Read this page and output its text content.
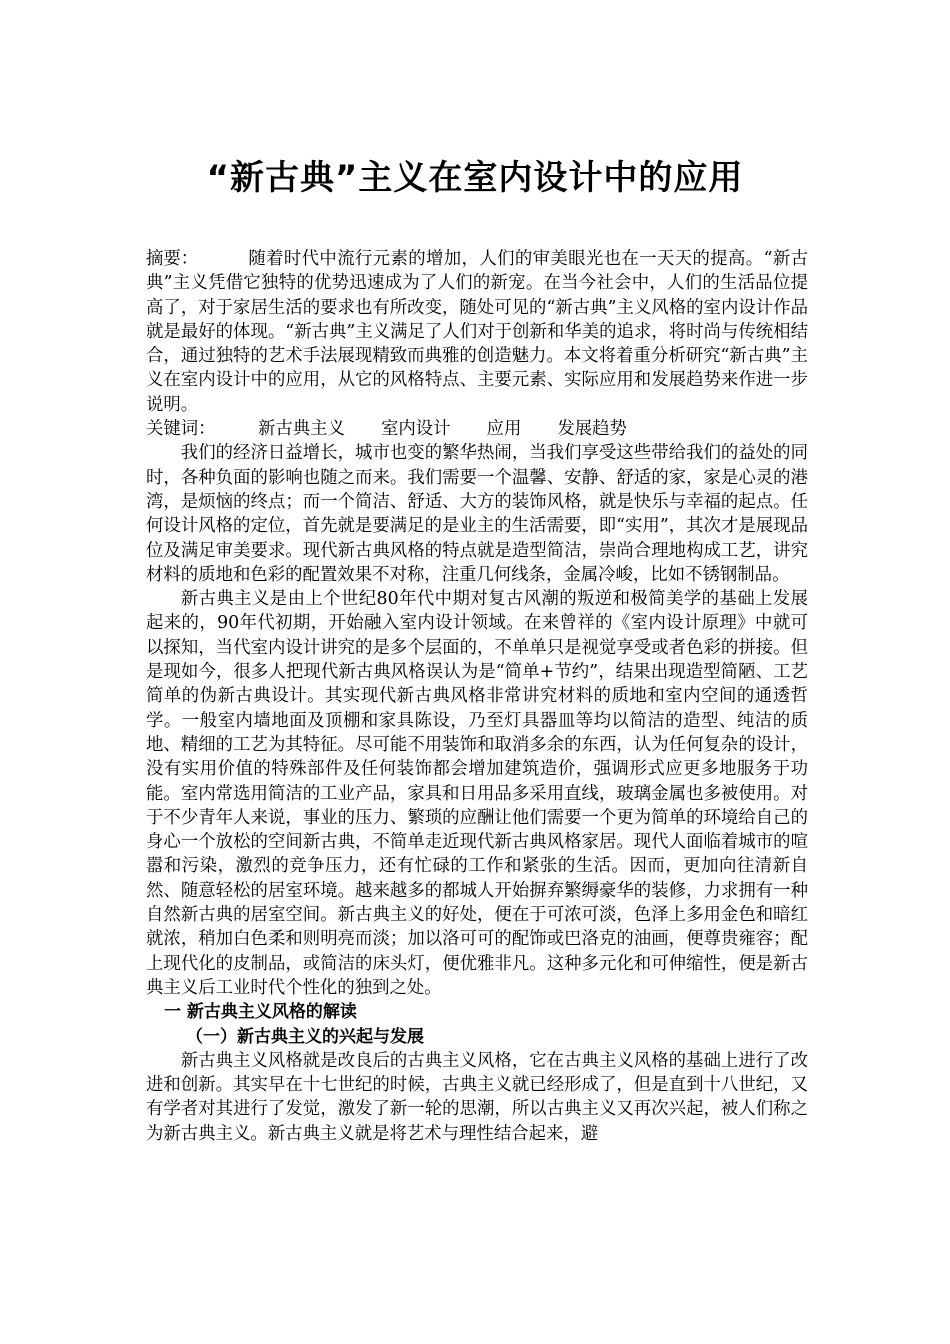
“新古典”主义在室内设计中的应用

摘要：	随着时代中流行元素的增加，人们的审美眼光也在一天天的提高。“新古典”主义凭借它独特的优势迅速成为了人们的新宠。在当今社会中，人们的生活品位提高了，对于家居生活的要求也有所改变，随处可见的“新古典”主义风格的室内设计作品就是最好的体现。“新古典”主义满足了人们对于创新和华美的追求，将时尚与传统相结合，通过独特的艺术手法展现精致而典雅的创造魅力。本文将着重分析研究“新古典”主义在室内设计中的应用，从它的风格特点、主要元素、实际应用和发展趋势来作进一步说明。

关键词： 新古典主义 室内设计 应用 发展趋势

我们的经济日益增长，城市也变的繁华热闹，当我们享受这些带给我们的益处的同时，各种负面的影响也随之而来。我们需要一个温馨、安静、舒适的家，家是心灵的港湾，是烦恼的终点；而一个简洁、舒适、大方的装饰风格，就是快乐与幸福的起点。任何设计风格的定位，首先就是要满足的是业主的生活需要，即“实用”，其次才是展现品位及满足审美要求。现代新古典风格的特点就是造型简洁，崇尚合理地构成工艺，讲究材料的质地和色彩的配置效果不对称，注重几何线条，金属冷峻，比如不锈钢制品。

新古典主义是由上个世纪80年代中期对复古风潮的叛逆和极简美学的基础上发展起来的，90年代初期，开始融入室内设计领域。在来曾祥的《室内设计原理》中就可以探知，当代室内设计讲究的是多个层面的，不单单只是视觉享受或者色彩的拼接。但是现如今，很多人把现代新古典风格误认为是“简单+节约”，结果出现造型简陋、工艺简单的伪新古典设计。其实现代新古典风格非常讲究材料的质地和室内空间的通透哲学。一般室内墙地面及顶棚和家具陈设，乃至灯具器皿等均以简洁的造型、纯洁的质地、精细的工艺为其特征。尽可能不用装饰和取消多余的东西，认为任何复杂的设计，没有实用价值的特殊部件及任何装饰都会增加建筑造价，强调形式应更多地服务于功能。室内常选用简洁的工业产品，家具和日用品多采用直线，玻璃金属也多被使用。对于不少青年人来说，事业的压力、繁琐的应酬让他们需要一个更为简单的环境给自己的身心一个放松的空间新古典，不简单走近现代新古典风格家居。现代人面临着城市的喧嚣和污染，激烈的竞争压力，还有忙碌的工作和紧张的生活。因而，更加向往清新自然、随意轻松的居室环境。越来越多的都城人开始摒弃繁缛豪华的装修，力求拥有一种自然新古典的居室空间。新古典主义的好处，便在于可浓可淡，色泽上多用金色和暗红就浓，稍加白色柔和则明亮而淡；加以洛可可的配饰或巴洛克的油画，便尊贵雍容；配上现代化的皮制品，或简洁的床头灯，便优雅非凡。这种多元化和可伸缩性，便是新古典主义后工业时代个性化的独到之处。

一 新古典主义风格的解读

（一）新古典主义的兴起与发展

新古典主义风格就是改良后的古典主义风格，它在古典主义风格的基础上进行了改进和创新。其实早在十七世纪的时候，古典主义就已经形成了，但是直到十八世纪，又有学者对其进行了发觉，激发了新一轮的思潮，所以古典主义又再次兴起，被人们称之为新古典主义。新古典主义就是将艺术与理性结合起来，避
